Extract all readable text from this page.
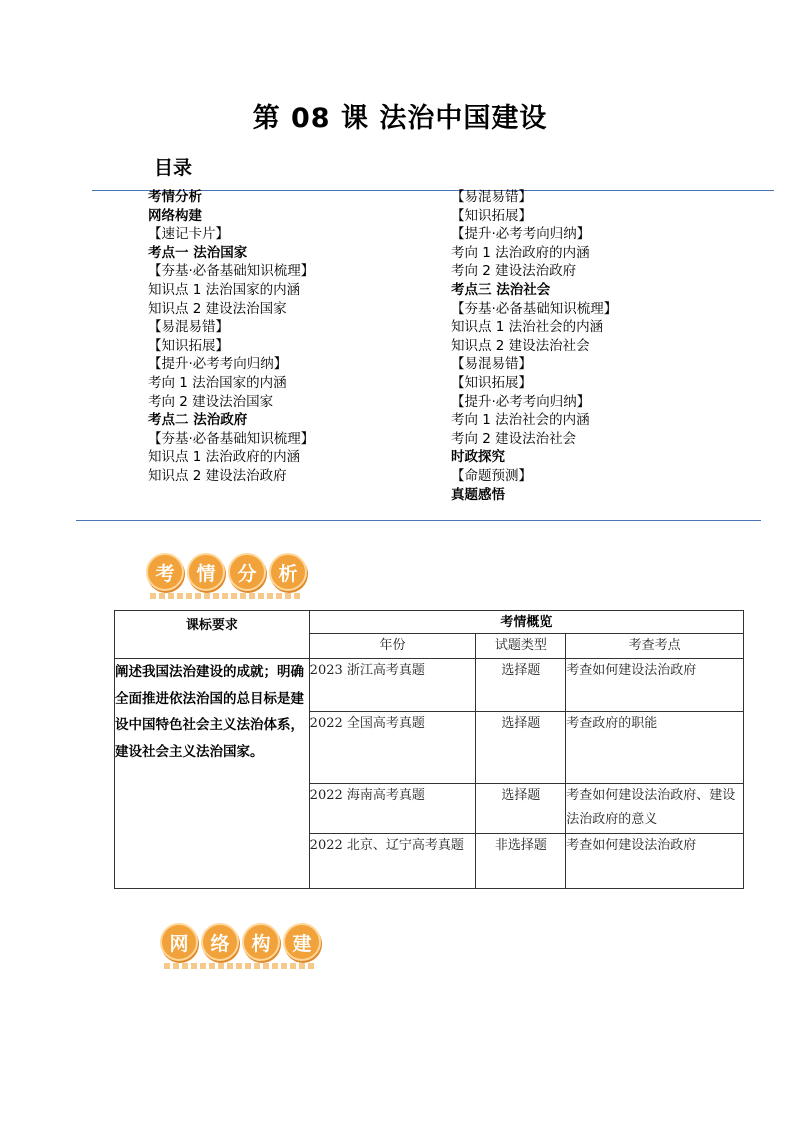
第 08 课 法治中国建设
目录
考情分析
网络构建
【速记卡片】
考点一 法治国家
【夯基·必备基础知识梳理】
知识点 1 法治国家的内涵
知识点 2 建设法治国家
【易混易错】
【知识拓展】
【提升·必考考向归纳】
考向 1 法治国家的内涵
考向 2 建设法治国家
考点二 法治政府
【夯基·必备基础知识梳理】
知识点 1 法治政府的内涵
知识点 2 建设法治政府
【易混易错】
【知识拓展】
【提升·必考考向归纳】
考向 1 法治政府的内涵
考向 2 建设法治政府
考点三 法治社会
【夯基·必备基础知识梳理】
知识点 1 法治社会的内涵
知识点 2 建设法治社会
【易混易错】
【知识拓展】
【提升·必考考向归纳】
考向 1 法治社会的内涵
考向 2 建设法治社会
时政探究
【命题预测】
真题感悟
考	情	分	析
课标要求	考情概览		
	年份	试题类型	考查考点
阐述我国法治建设的成就；明确全面推进依法治国的总目标是建设中国特色社会主义法治体系，建设社会主义法治国家。	2023 浙江高考真题	选择题	考查如何建设法治政府
	2022 全国高考真题	选择题	考查政府的职能
	2022 海南高考真题	选择题	考查如何建设法治政府、建设法治政府的意义
	2022 北京、辽宁高考真题	非选择题	考查如何建设法治政府
网	络	构	建
